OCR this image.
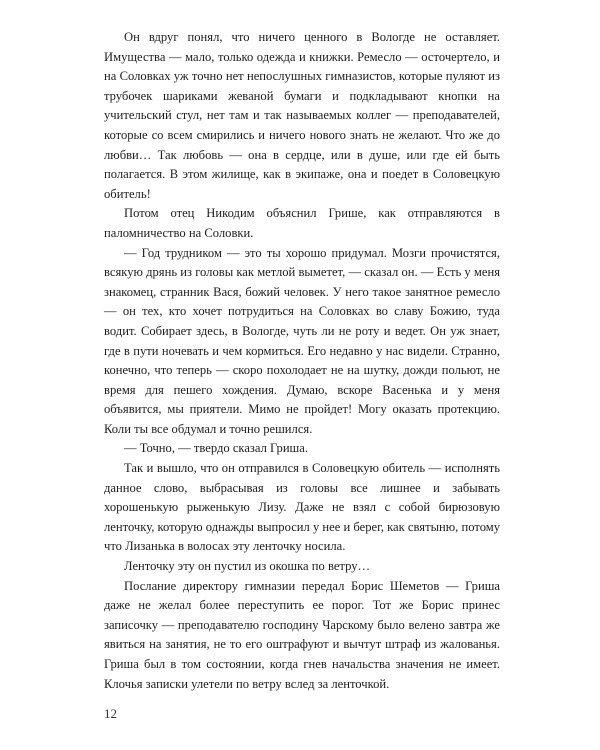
Он вдруг понял, что ничего ценного в Вологде не оставляет. Имущества — мало, только одежда и книжки. Ремесло — осточертело, и на Соловках уж точно нет непослушных гимназистов, которые пуляют из трубочек шариками жеваной бумаги и подкладывают кнопки на учительский стул, нет там и так называемых коллег — преподавателей, которые со всем смирились и ничего нового знать не желают. Что же до любви… Так любовь — она в сердце, или в душе, или где ей быть полагается. В этом жилище, как в экипаже, она и поедет в Соловецкую обитель!

Потом отец Никодим объяснил Грише, как отправляются в паломничество на Соловки.

— Год трудником — это ты хорошо придумал. Мозги прочистятся, всякую дрянь из головы как метлой выметет, — сказал он. — Есть у меня знакомец, странник Вася, божий человек. У него такое занятное ремесло — он тех, кто хочет потрудиться на Соловках во славу Божию, туда водит. Собирает здесь, в Вологде, чуть ли не роту и ведет. Он уж знает, где в пути ночевать и чем кормиться. Его недавно у нас видели. Странно, конечно, что теперь — скоро похолодает не на шутку, дожди польют, не время для пешего хождения. Думаю, вскоре Васенька и у меня объявится, мы приятели. Мимо не пройдет! Могу оказать протекцию. Коли ты все обдумал и точно решился.

— Точно, — твердо сказал Гриша.

Так и вышло, что он отправился в Соловецкую обитель — исполнять данное слово, выбрасывая из головы все лишнее и забывать хорошенькую рыженькую Лизу. Даже не взял с собой бирюзовую ленточку, которую однажды выпросил у нее и берег, как святыню, потому что Лизанька в волосах эту ленточку носила.

Ленточку эту он пустил из окошка по ветру…

Послание директору гимназии передал Борис Шеметов — Гриша даже не желал более переступить ее порог. Тот же Борис принес записочку — преподавателю господину Чарскому было велено завтра же явиться на занятия, не то его оштрафуют и вычтут штраф из жалованья. Гриша был в том состоянии, когда гнев начальства значения не имеет. Клочья записки улетели по ветру вслед за ленточкой.

12
